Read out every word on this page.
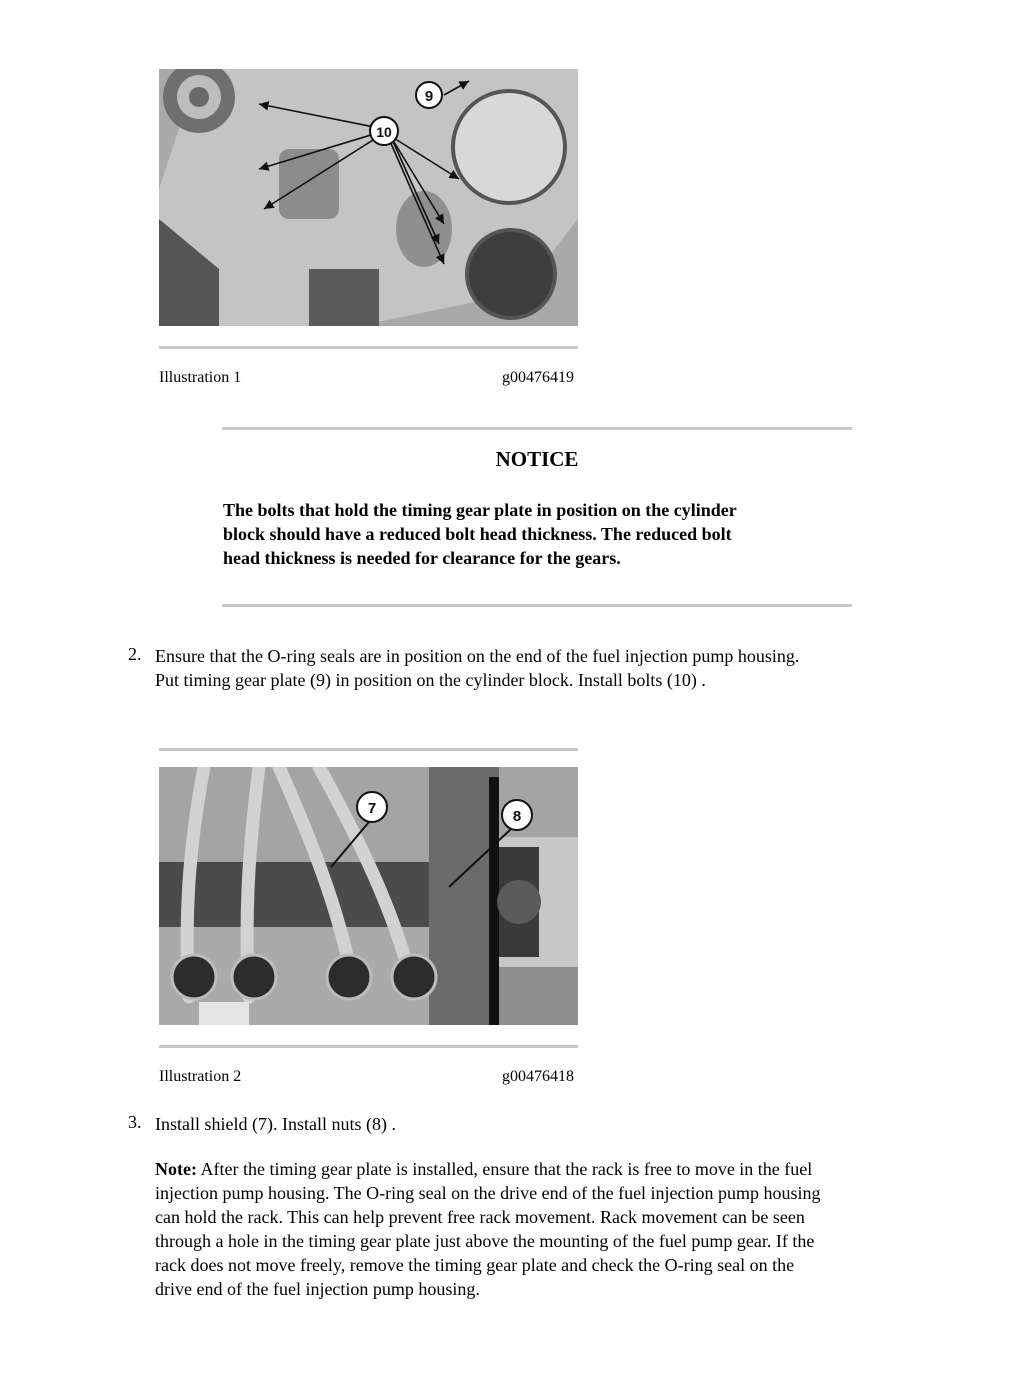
9
10
Illustration 1	g00476419
NOTICE
The bolts that hold the timing gear plate in position on the cylinder
block should have a reduced bolt head thickness. The reduced bolt
head thickness is needed for clearance for the gears.
2. Ensure that the O-ring seals are in position on the end of the fuel injection pump housing.
Put timing gear plate (9) in position on the cylinder block. Install bolts (10) .
7	8
Illustration 2	g00476418
3. Install shield (7). Install nuts (8) .
Note: After the timing gear plate is installed, ensure that the rack is free to move in the fuel
injection pump housing. The O-ring seal on the drive end of the fuel injection pump housing
can hold the rack. This can help prevent free rack movement. Rack movement can be seen
through a hole in the timing gear plate just above the mounting of the fuel pump gear. If the
rack does not move freely, remove the timing gear plate and check the O-ring seal on the
drive end of the fuel injection pump housing.
